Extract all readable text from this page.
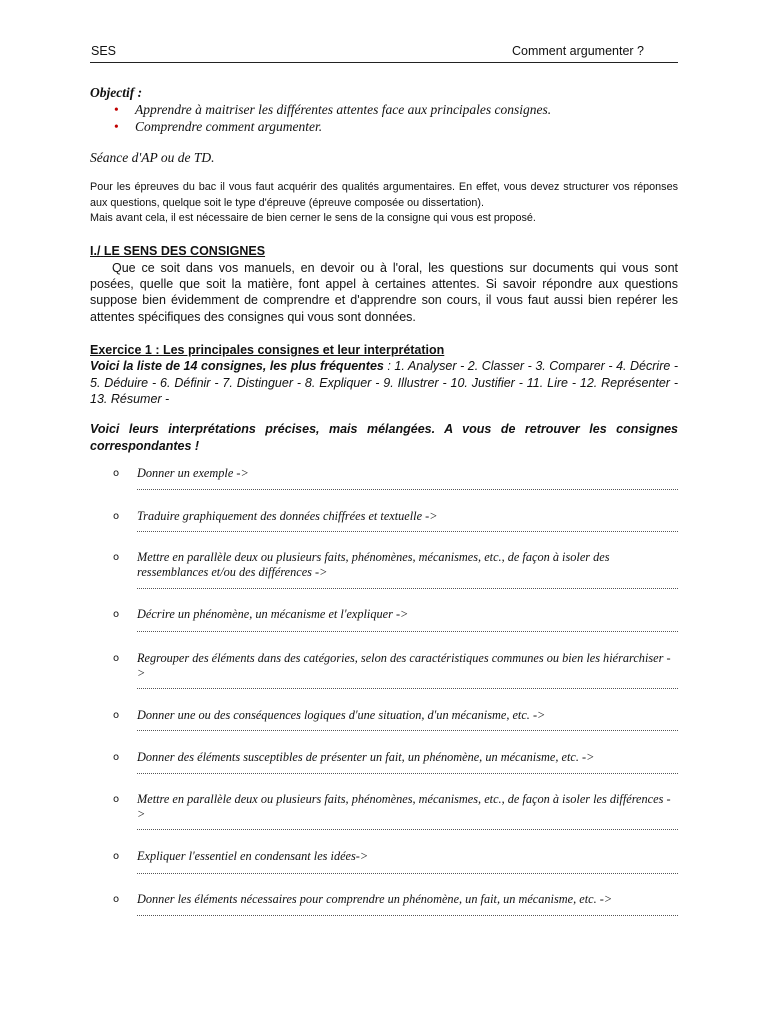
SES	Comment argumenter ?
Objectif :
• Apprendre à maitriser les différentes attentes face aux principales consignes.
• Comprendre comment argumenter.
Séance d'AP ou de TD.
Pour les épreuves du bac il vous faut acquérir des qualités argumentaires. En effet, vous devez structurer vos réponses aux questions, quelque soit le type d'épreuve (épreuve composée ou dissertation).
Mais avant cela, il est nécessaire de bien cerner le sens de la consigne qui vous est proposé.
I./ LE SENS DES CONSIGNES
Que ce soit dans vos manuels, en devoir ou à l'oral, les questions sur documents qui vous sont posées, quelle que soit la matière, font appel à certaines attentes. Si savoir répondre aux questions suppose bien évidemment de comprendre et d'apprendre son cours, il vous faut aussi bien repérer les attentes spécifiques des consignes qui vous sont données.
Exercice 1 : Les principales consignes et leur interprétation
Voici la liste de 14 consignes, les plus fréquentes : 1. Analyser - 2. Classer - 3. Comparer - 4. Décrire - 5. Déduire - 6. Définir - 7. Distinguer - 8. Expliquer - 9. Illustrer - 10. Justifier - 11. Lire - 12. Représenter - 13. Résumer -
Voici leurs interprétations précises, mais mélangées. A vous de retrouver les consignes correspondantes !
o Donner un exemple ->
o Traduire graphiquement des données chiffrées et textuelle ->
o Mettre en parallèle deux ou plusieurs faits, phénomènes, mécanismes, etc., de façon à isoler des ressemblances et/ou des différences ->
o Décrire un phénomène, un mécanisme et l'expliquer ->
o Regrouper des éléments dans des catégories, selon des caractéristiques communes ou bien les hiérarchiser ->
o Donner une ou des conséquences logiques d'une situation, d'un mécanisme, etc. ->
o Donner des éléments susceptibles de présenter un fait, un phénomène, un mécanisme, etc. ->
o Mettre en parallèle deux ou plusieurs faits, phénomènes, mécanismes, etc., de façon à isoler les différences ->
o Expliquer l'essentiel en condensant les idées->
o Donner les éléments nécessaires pour comprendre un phénomène, un fait, un mécanisme, etc. ->
